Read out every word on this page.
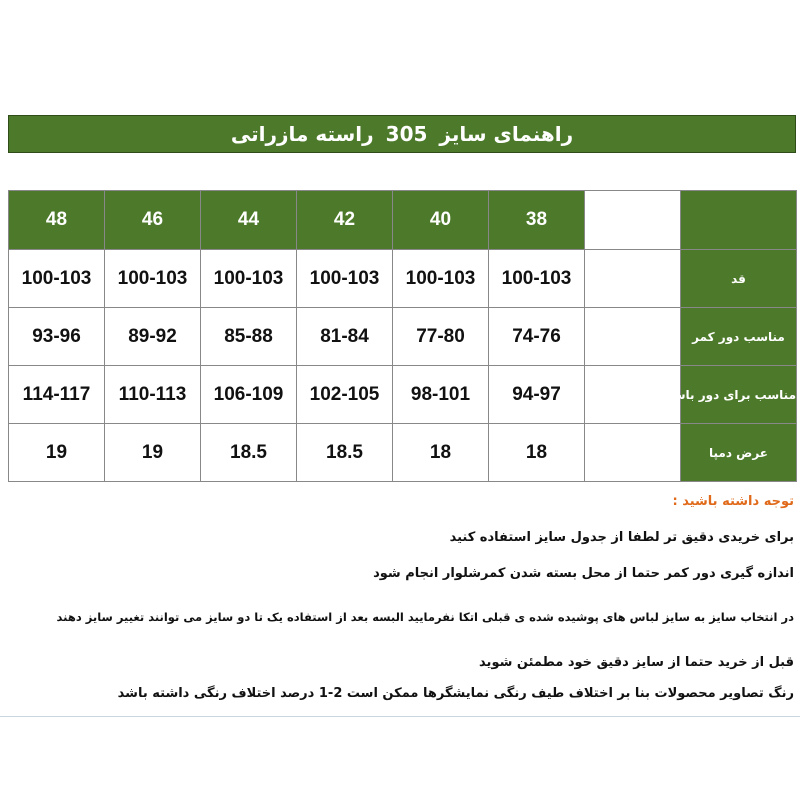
راهنمای سایز
305
راسته مازراتی
48	46	44	42	40	38		
100-103	100-103	100-103	100-103	100-103	100-103		قد
93-96	89-92	85-88	81-84	77-80	74-76		مناسب دور کمر
114-117	110-113	106-109	102-105	98-101	94-97		مناسب برای دور باسن
19	19	18.5	18.5	18	18		عرض دمپا
توجه داشته باشید :
برای خریدی دقیق تر لطفا از جدول سایز استفاده کنید
اندازه گیری دور کمر حتما از محل بسته شدن کمرشلوار انجام شود
در انتخاب سایز به سایز لباس های پوشیده شده ی قبلی اتکا نفرمایید البسه بعد از استفاده یک تا دو سایز می توانند تغییر سایز دهند
قبل از خرید حتما از سایز دقیق خود مطمئن شوید
رنگ تصاویر محصولات بنا بر اختلاف طیف رنگی نمایشگرها ممکن است 2-1 درصد اختلاف رنگی داشته باشد
